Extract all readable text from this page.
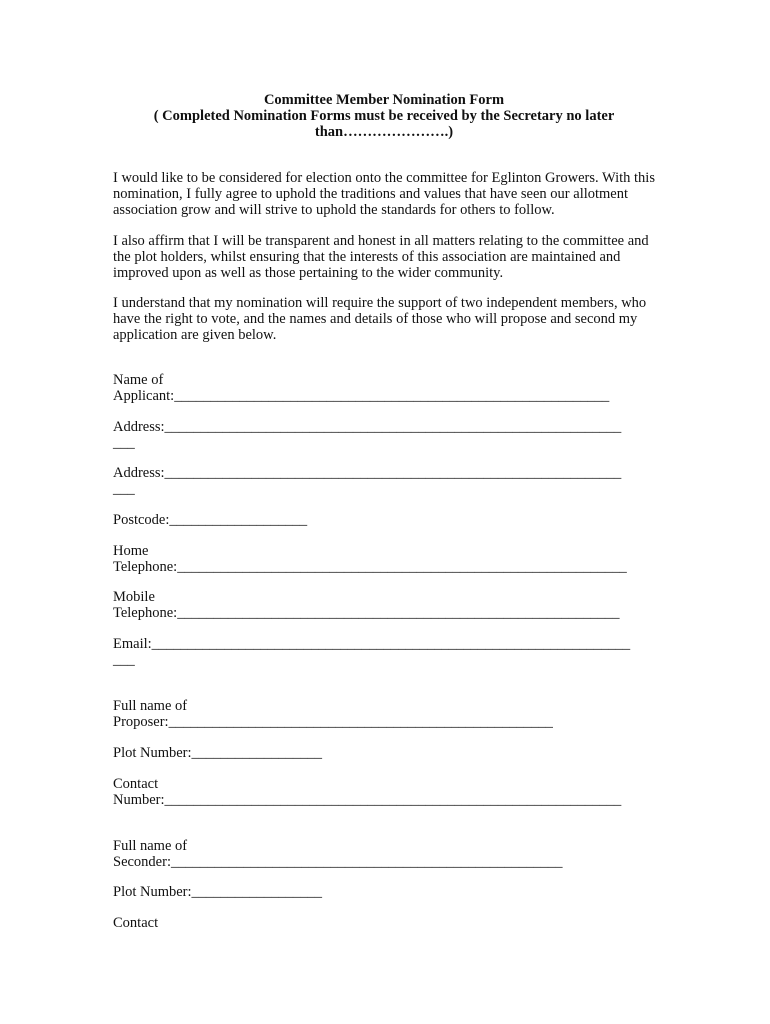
Committee Member Nomination Form
( Completed Nomination Forms must be received by the Secretary no later
than………………….)

I would like to be considered for election onto the committee for Eglinton Growers. With this nomination, I fully agree to uphold the traditions and values that have seen our allotment association grow and will strive to uphold the standards for others to follow.

I also affirm that I will be transparent and honest in all matters relating to the committee and the plot holders, whilst ensuring that the interests of this association are maintained and improved upon as well as those pertaining to the wider community.

I understand that my nomination will require the support of two independent members, who have the right to vote, and the names and details of those who will propose and second my application are given below.

Name of
Applicant:____________________________________________________________
Address:_______________________________________________________________
___
Address:_______________________________________________________________
___
Postcode:___________________
Home
Telephone:______________________________________________________________
Mobile
Telephone:_____________________________________________________________
Email:__________________________________________________________________
___
Full name of
Proposer:_____________________________________________________
Plot Number:__________________
Contact
Number:_______________________________________________________________
Full name of
Seconder:______________________________________________________
Plot Number:__________________
Contact
